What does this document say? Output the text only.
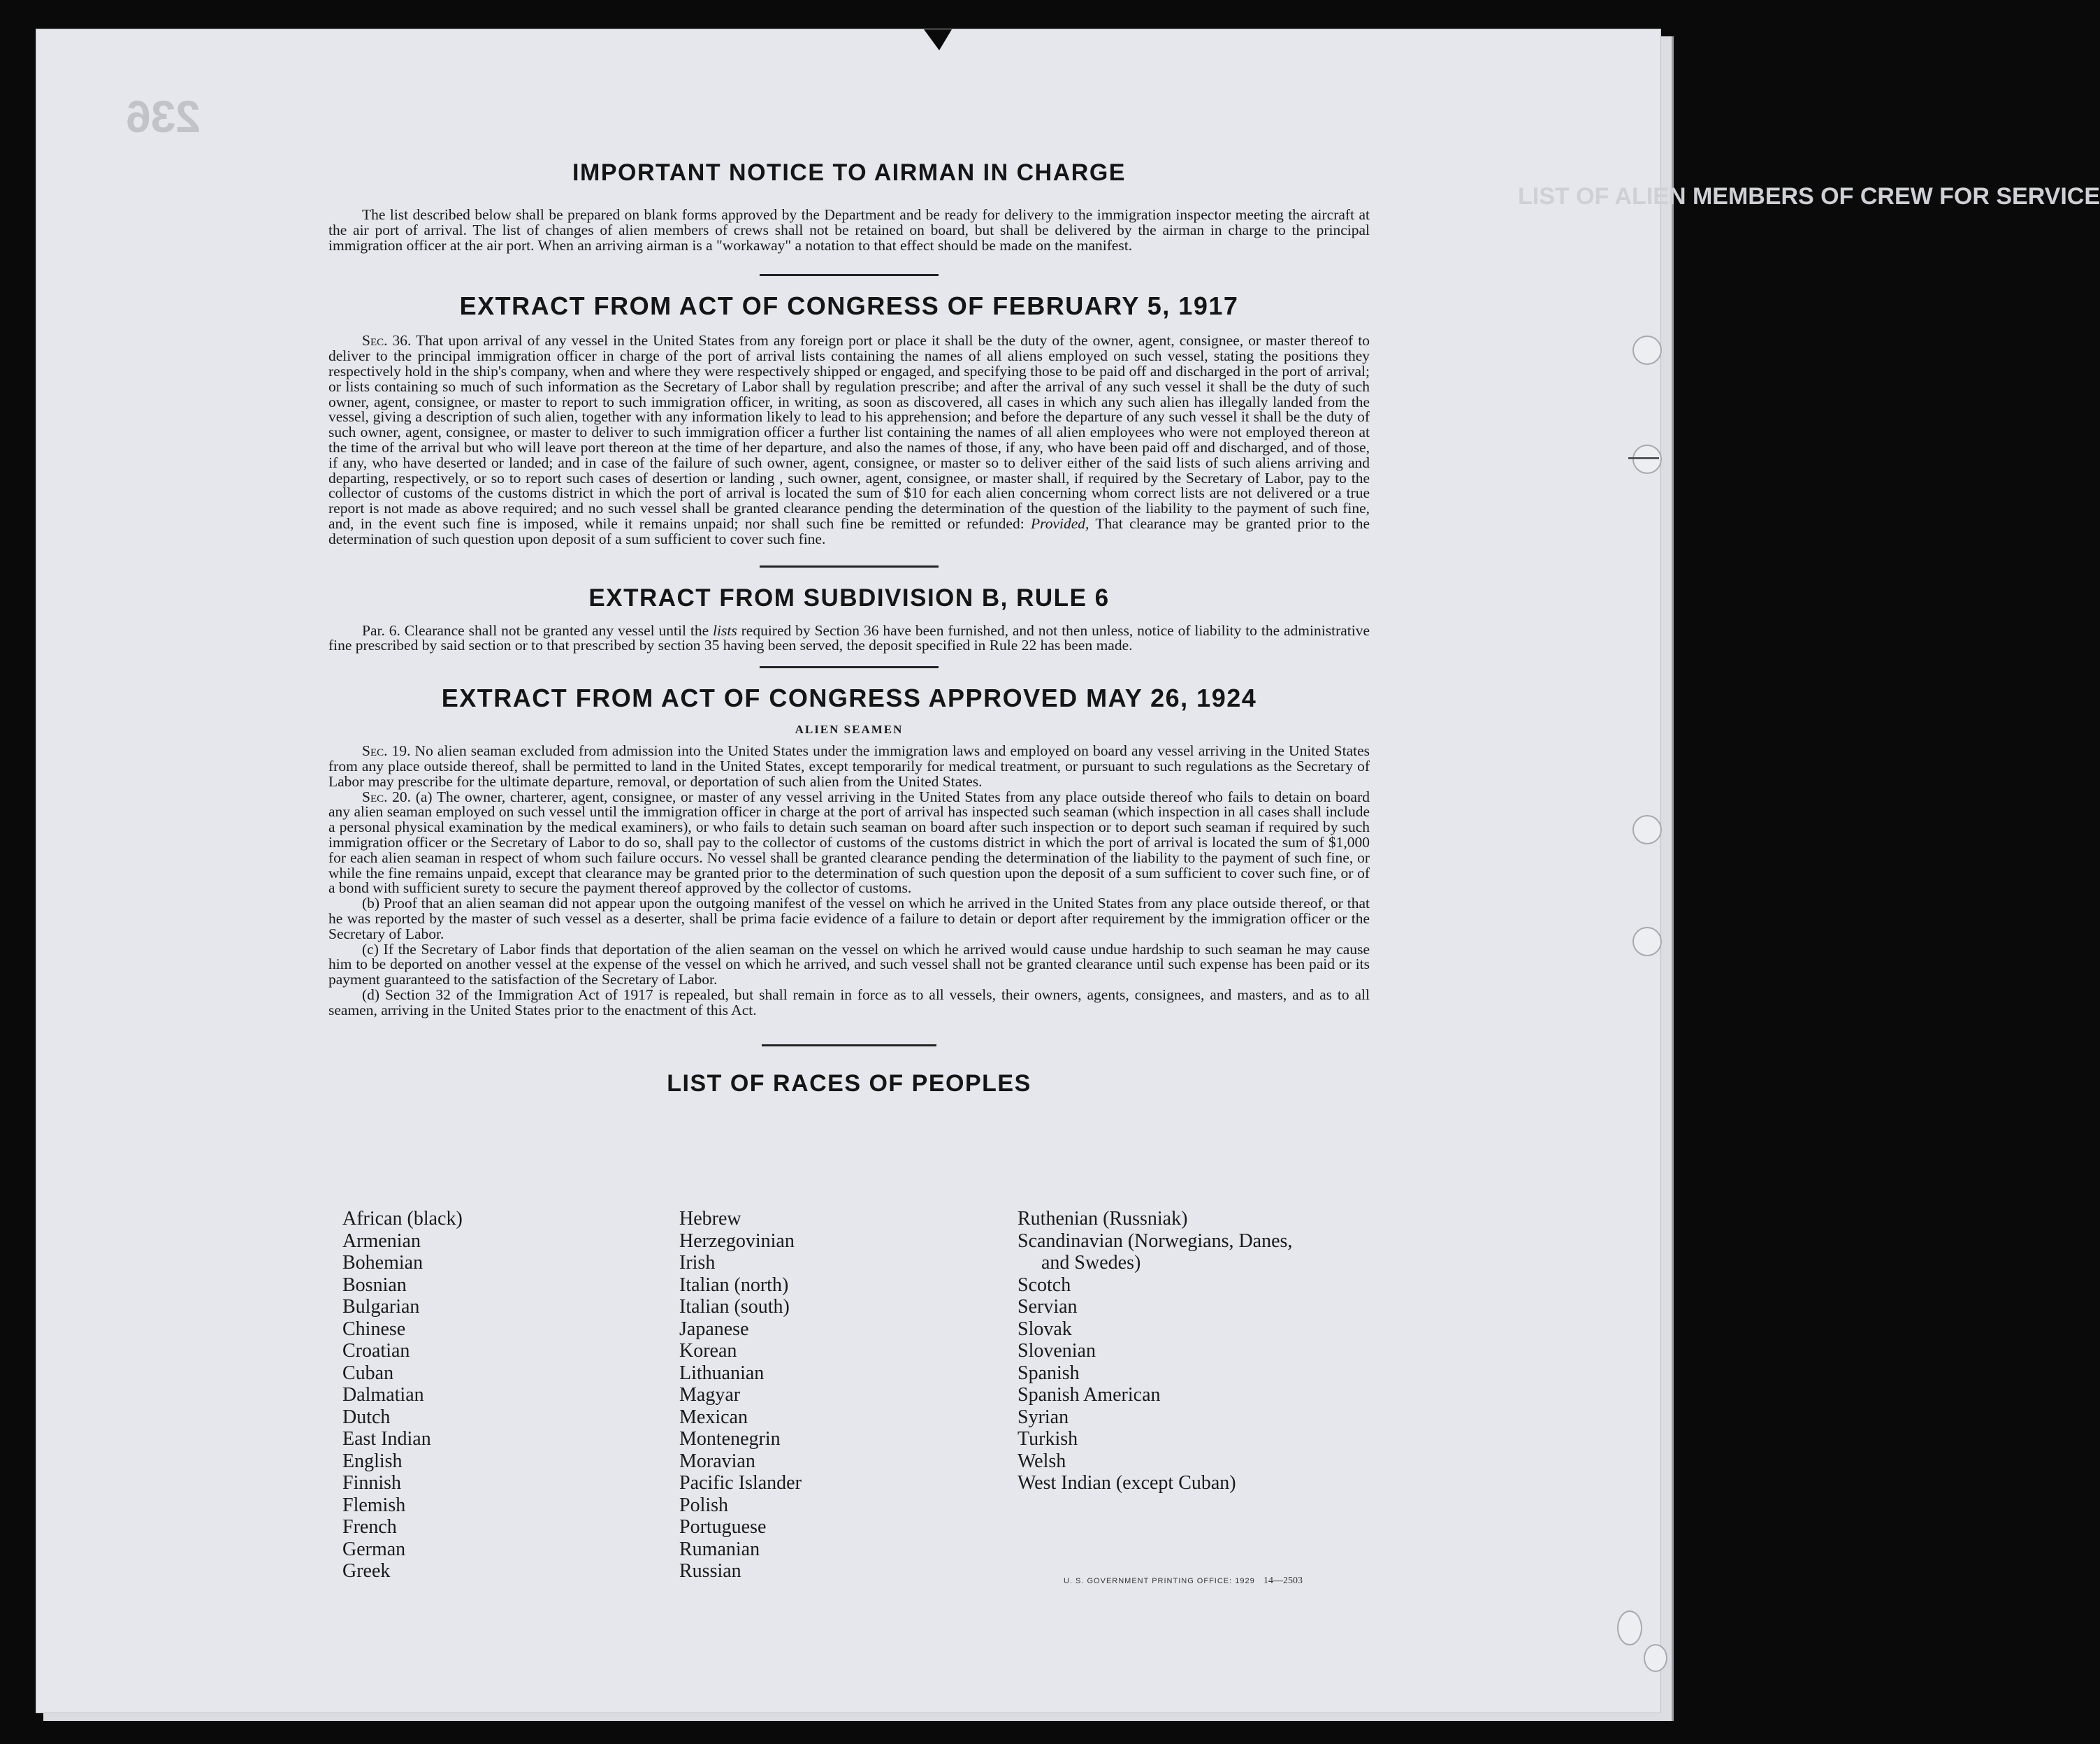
236
LIST OF ALIEN MEMBERS OF CREW FOR SERVICE
IMPORTANT NOTICE TO AIRMAN IN CHARGE

The list described below shall be prepared on blank forms approved by the Department and be ready for delivery to the immigration inspector meeting the aircraft at the air port of arrival. The list of changes of alien members of crews shall not be retained on board, but shall be delivered by the airman in charge to the principal immigration officer at the air port. When an arriving airman is a "workaway" a notation to that effect should be made on the manifest.

EXTRACT FROM ACT OF CONGRESS OF FEBRUARY 5, 1917

Sec. 36. That upon arrival of any vessel in the United States from any foreign port or place it shall be the duty of the owner, agent, consignee, or master thereof to deliver to the principal immigration officer in charge of the port of arrival lists containing the names of all aliens employed on such vessel, stating the positions they respectively hold in the ship's company, when and where they were respectively shipped or engaged, and specifying those to be paid off and discharged in the port of arrival; or lists containing so much of such information as the Secretary of Labor shall by regulation prescribe; and after the arrival of any such vessel it shall be the duty of such owner, agent, consignee, or master to report to such immigration officer, in writing, as soon as discovered, all cases in which any such alien has illegally landed from the vessel, giving a description of such alien, together with any information likely to lead to his apprehension; and before the departure of any such vessel it shall be the duty of such owner, agent, consignee, or master to deliver to such immigration officer a further list containing the names of all alien employees who were not employed thereon at the time of the arrival but who will leave port thereon at the time of her departure, and also the names of those, if any, who have been paid off and discharged, and of those, if any, who have deserted or landed; and in case of the failure of such owner, agent, consignee, or master so to deliver either of the said lists of such aliens arriving and departing, respectively, or so to report such cases of desertion or landing , such owner, agent, consignee, or master shall, if required by the Secretary of Labor, pay to the collector of customs of the customs district in which the port of arrival is located the sum of $10 for each alien concerning whom correct lists are not delivered or a true report is not made as above required; and no such vessel shall be granted clearance pending the determination of the question of the liability to the payment of such fine, and, in the event such fine is imposed, while it remains unpaid; nor shall such fine be remitted or refunded: Provided, That clearance may be granted prior to the determination of such question upon deposit of a sum sufficient to cover such fine.

EXTRACT FROM SUBDIVISION B, RULE 6

Par. 6. Clearance shall not be granted any vessel until the lists required by Section 36 have been furnished, and not then unless, notice of liability to the administrative fine prescribed by said section or to that prescribed by section 35 having been served, the deposit specified in Rule 22 has been made.

EXTRACT FROM ACT OF CONGRESS APPROVED MAY 26, 1924
ALIEN SEAMEN

Sec. 19. No alien seaman excluded from admission into the United States under the immigration laws and employed on board any vessel arriving in the United States from any place outside thereof, shall be permitted to land in the United States, except temporarily for medical treatment, or pursuant to such regulations as the Secretary of Labor may prescribe for the ultimate departure, removal, or deportation of such alien from the United States.

Sec. 20. (a) The owner, charterer, agent, consignee, or master of any vessel arriving in the United States from any place outside thereof who fails to detain on board any alien seaman employed on such vessel until the immigration officer in charge at the port of arrival has inspected such seaman (which inspection in all cases shall include a personal physical examination by the medical examiners), or who fails to detain such seaman on board after such inspection or to deport such seaman if required by such immigration officer or the Secretary of Labor to do so, shall pay to the collector of customs of the customs district in which the port of arrival is located the sum of $1,000 for each alien seaman in respect of whom such failure occurs. No vessel shall be granted clearance pending the determination of the liability to the payment of such fine, or while the fine remains unpaid, except that clearance may be granted prior to the determination of such question upon the deposit of a sum sufficient to cover such fine, or of a bond with sufficient surety to secure the payment thereof approved by the collector of customs.

(b) Proof that an alien seaman did not appear upon the outgoing manifest of the vessel on which he arrived in the United States from any place outside thereof, or that he was reported by the master of such vessel as a deserter, shall be prima facie evidence of a failure to detain or deport after requirement by the immigration officer or the Secretary of Labor.

(c) If the Secretary of Labor finds that deportation of the alien seaman on the vessel on which he arrived would cause undue hardship to such seaman he may cause him to be deported on another vessel at the expense of the vessel on which he arrived, and such vessel shall not be granted clearance until such expense has been paid or its payment guaranteed to the satisfaction of the Secretary of Labor.

(d) Section 32 of the Immigration Act of 1917 is repealed, but shall remain in force as to all vessels, their owners, agents, consignees, and masters, and as to all seamen, arriving in the United States prior to the enactment of this Act.

LIST OF RACES OF PEOPLES
African (black)
Armenian
Bohemian
Bosnian
Bulgarian
Chinese
Croatian
Cuban
Dalmatian
Dutch
East Indian
English
Finnish
Flemish
French
German
Greek
Hebrew
Herzegovinian
Irish
Italian (north)
Italian (south)
Japanese
Korean
Lithuanian
Magyar
Mexican
Montenegrin
Moravian
Pacific Islander
Polish
Portuguese
Rumanian
Russian
Ruthenian (Russniak)
Scandinavian (Norwegians, Danes,
and Swedes)
Scotch
Servian
Slovak
Slovenian
Spanish
Spanish American
Syrian
Turkish
Welsh
West Indian (except Cuban)
U. S. GOVERNMENT PRINTING OFFICE: 1929 14—2503
